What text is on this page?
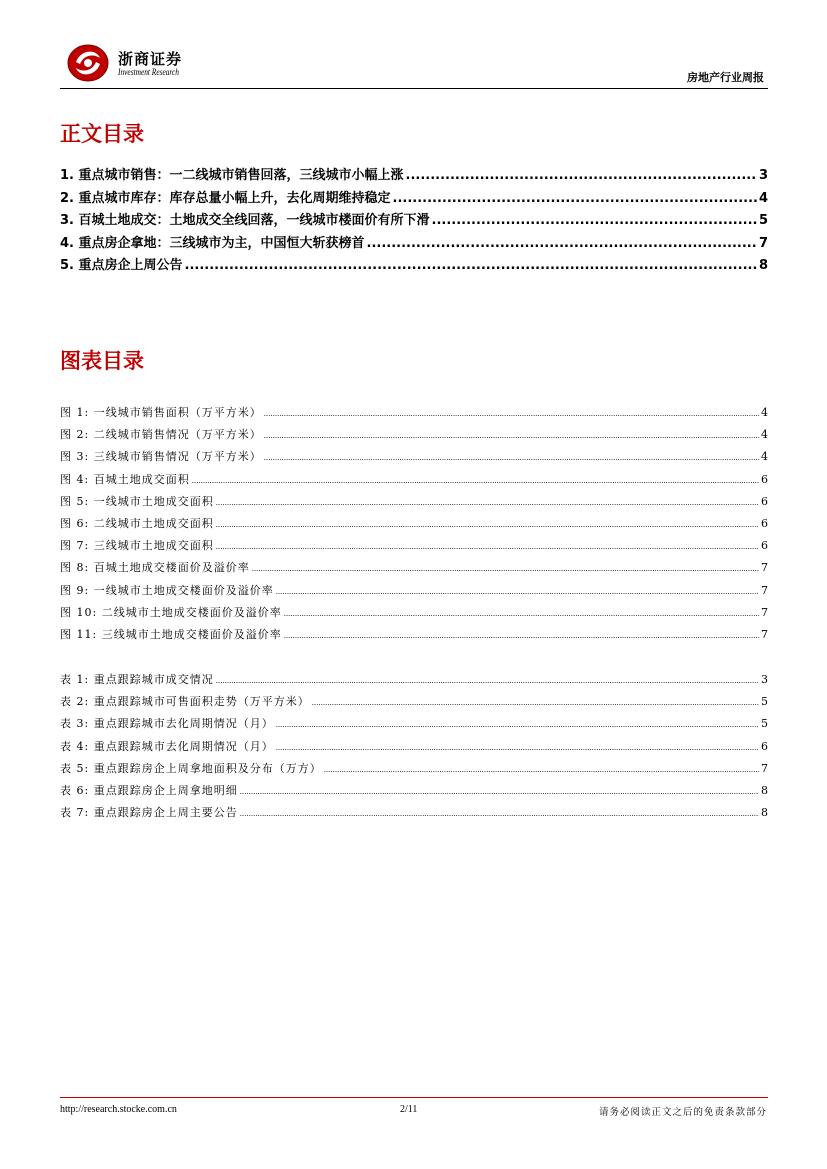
浙商证券
Investment Research	房地产行业周报
正文目录
1. 重点城市销售：一二线城市销售回落，三线城市小幅上涨 .....	3
2. 重点城市库存：库存总量小幅上升，去化周期维持稳定 .....	4
3. 百城土地成交：土地成交全线回落，一线城市楼面价有所下滑 .....	5
4. 重点房企拿地：三线城市为主，中国恒大斩获榜首 .....	7
5. 重点房企上周公告 .....	8
图表目录
图 1: 一线城市销售面积（万平方米） .....	4
图 2: 二线城市销售情况（万平方米） .....	4
图 3: 三线城市销售情况（万平方米） .....	4
图 4: 百城土地成交面积 .....	6
图 5: 一线城市土地成交面积 .....	6
图 6: 二线城市土地成交面积 .....	6
图 7: 三线城市土地成交面积 .....	6
图 8: 百城土地成交楼面价及溢价率 .....	7
图 9: 一线城市土地成交楼面价及溢价率 .....	7
图 10: 二线城市土地成交楼面价及溢价率 .....	7
图 11: 三线城市土地成交楼面价及溢价率 .....	7
表 1: 重点跟踪城市成交情况 .....	3
表 2: 重点跟踪城市可售面积走势（万平方米） .....	5
表 3: 重点跟踪城市去化周期情况（月） .....	5
表 4: 重点跟踪城市去化周期情况（月） .....	6
表 5: 重点跟踪房企上周拿地面积及分布（万方） .....	7
表 6: 重点跟踪房企上周拿地明细 .....	8
表 7: 重点跟踪房企上周主要公告 .....	8
http://research.stocke.com.cn	2/11	请务必阅读正文之后的免责条款部分
